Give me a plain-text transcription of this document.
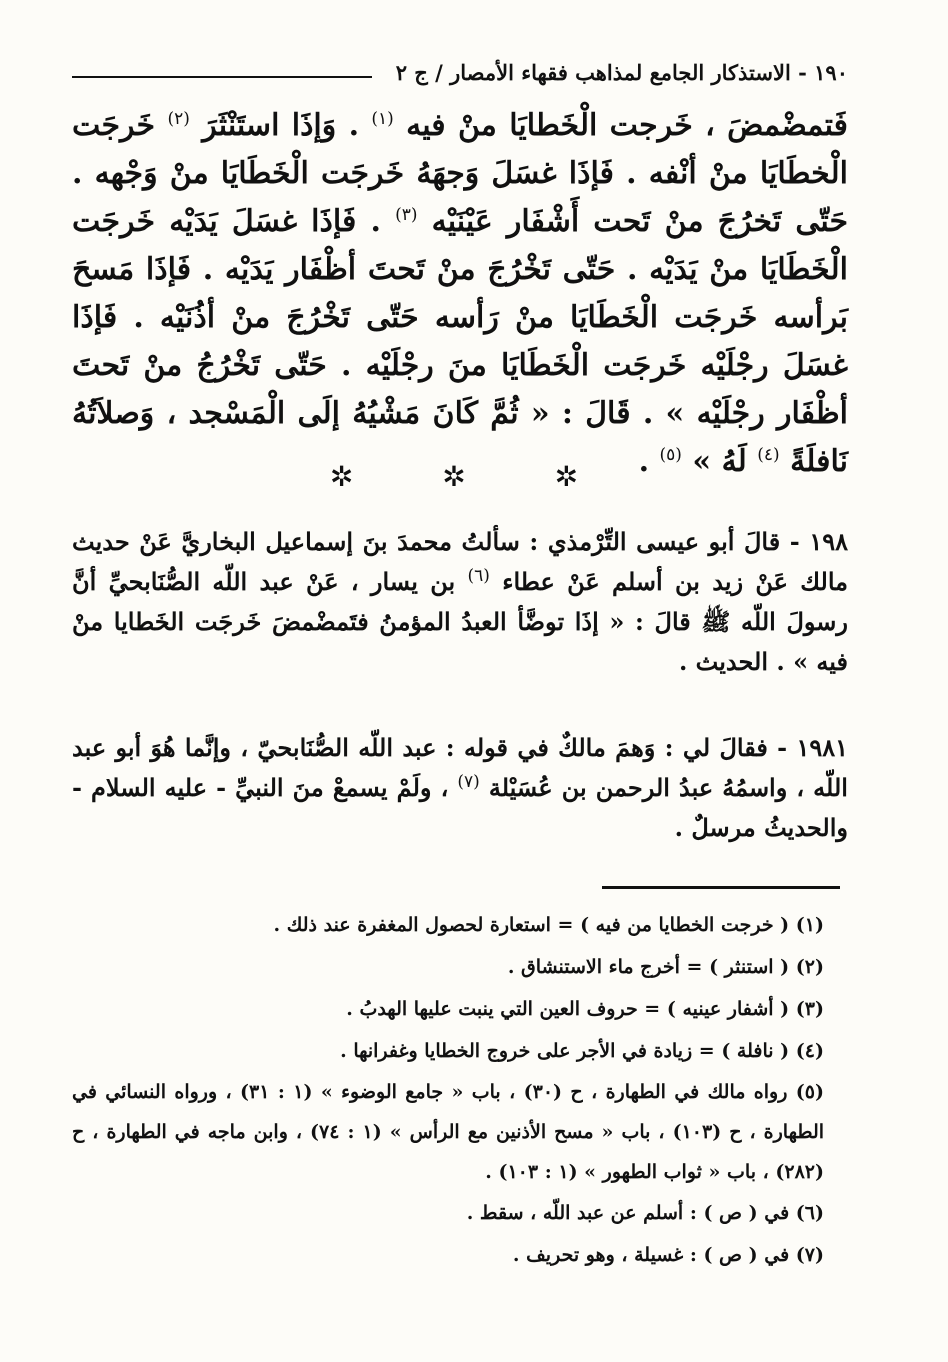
١٩٠ - الاستذكار الجامع لمذاهب فقهاء الأمصار / ج ٢

فَتمضْمضَ ، خَرجت الْخَطايَا منْ فيه $^{(١)}$ . وَإذَا استَنْثَرَ $^{(٢)}$ خَرجَت الْخطَايَا منْ أنْفه . فَإذَا غسَلَ وَجهَهُ خَرجَت الْخَطَايَا منْ وَجْهه . حَتّى تَخرُجَ منْ تَحت أَشْفَار عَيْنَيْه $^{(٣)}$ . فَإذَا غسَلَ يَدَيْه خَرجَت الْخَطَايَا منْ يَدَيْه . حَتّى تَخْرُجَ منْ تَحتَ أظْفَار يَدَيْه . فَإذَا مَسحَ بَرأسه خَرجَت الْخَطَايَا منْ رَأسه حَتّى تَخْرُجَ منْ أذُنَيْه . فَإذَا غسَلَ رجْلَيْه خَرجَت الْخَطَايَا منَ رجْلَيْه . حَتّى تَخْرُجُ منْ تَحتَ أظْفَار رجْلَيْه » . قَالَ : « ثُمَّ كَانَ مَشْيُهُ إلَى الْمَسْجد ، وَصلاَتُهُ نَافلَةً $^{(٤)}$ لَهُ » $^{(٥)}$ .

✲ ✲ ✲

١٩٨ - قالَ أبو عيسى التِّرْمذي : سألتُ محمدَ بنَ إسماعيل البخاريَّ عَنْ حديث مالك عَنْ زيد بن أسلم عَنْ عطاء $^{(٦)}$ بن يسار ، عَنْ عبد اللّه الصُّنَابحيِّ أنَّ رسولَ اللّه ﷺ قالَ : « إذَا توضَّأ العبدُ المؤمنُ فتَمضْمضَ خَرجَت الخَطايا منْ فيه » . الحديث .

١٩٨١ - فقالَ لي : وَهمَ مالكٌ في قوله : عبد اللّه الصُّنَابحيّ ، وإنَّما هُوَ أبو عبد اللّه ، واسمُهُ عبدُ الرحمن بن عُسَيْلة $^{(٧)}$ ، ولَمْ يسمعْ منَ النبيِّ - عليه السلام - والحديثُ مرسلٌ .

(١) ( خرجت الخطايا من فيه ) = استعارة لحصول المغفرة عند ذلك .

(٢) ( استنثر ) = أخرج ماء الاستنشاق .

(٣) ( أشفار عينيه ) = حروف العين التي ينبت عليها الهدبُ .

(٤) ( نافلة ) = زيادة في الأجر على خروج الخطايا وغفرانها .

(٥) رواه مالك في الطهارة ، ح (٣٠) ، باب « جامع الوضوء » (١ : ٣١) ، ورواه النسائي في الطهارة ، ح (١٠٣) ، باب « مسح الأذنين مع الرأس » (١ : ٧٤) ، وابن ماجه في الطهارة ، ح (٢٨٢) ، باب « ثواب الطهور » (١ : ١٠٣) .

(٦) في ( ص ) : أسلم عن عبد اللّه ، سقط .

(٧) في ( ص ) : غسيلة ، وهو تحريف .
